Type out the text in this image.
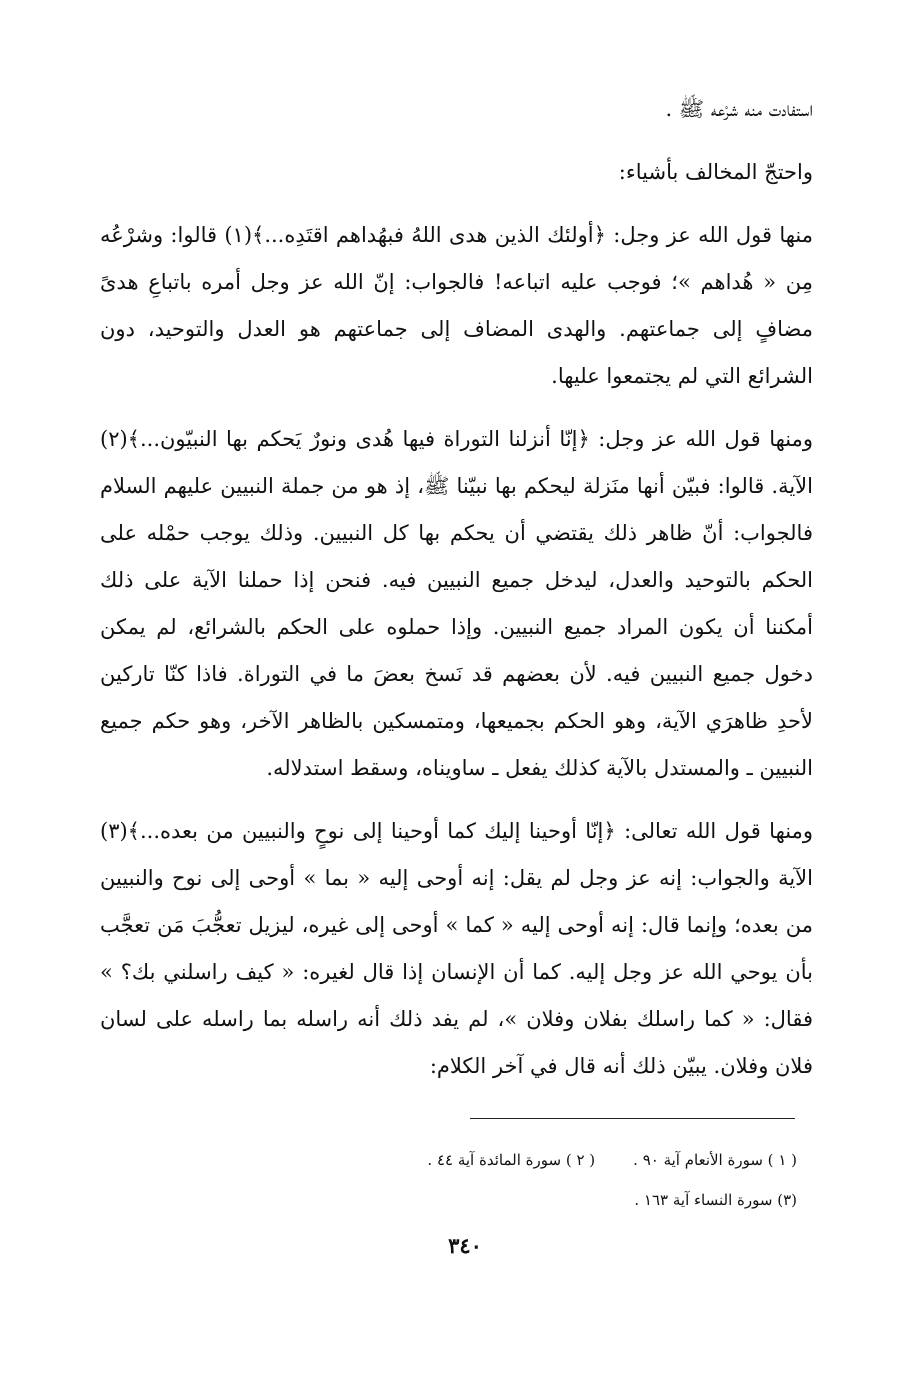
استفادت منه شرْعه ﷺ .

واحتجّ المخالف بأشياء:

منها قول الله عز وجل: ﴿أولئك الذين هدى اللهُ فبهُداهم اقتَدِه...﴾(١) قالوا: وشرْعُه مِن « هُداهم »؛ فوجب عليه اتباعه! فالجواب: إنّ الله عز وجل أمره باتباعِ هدىً مضافٍ إلى جماعتهم. والهدى المضاف إلى جماعتهم هو العدل والتوحيد، دون الشرائع التي لم يجتمعوا عليها.

ومنها قول الله عز وجل: ﴿إنّا أنزلنا التوراة فيها هُدى ونورٌ يَحكم بها النبيّون...﴾(٢) الآية. قالوا: فبيّن أنها منَزلة ليحكم بها نبيّنا ﷺ، إذ هو من جملة النبيين عليهم السلام فالجواب: أنّ ظاهر ذلك يقتضي أن يحكم بها كل النبيين. وذلك يوجب حمْله على الحكم بالتوحيد والعدل، ليدخل جميع النبيين فيه. فنحن إذا حملنا الآية على ذلك أمكننا أن يكون المراد جميع النبيين. وإذا حملوه على الحكم بالشرائع، لم يمكن دخول جميع النبيين فيه. لأن بعضهم قد نَسخ بعضَ ما في التوراة. فاذا كنّا تاركين لأحدِ ظاهرَي الآية، وهو الحكم بجميعها، ومتمسكين بالظاهر الآخر، وهو حكم جميع النبيين ـ والمستدل بالآية كذلك يفعل ـ ساويناه، وسقط استدلاله.

ومنها قول الله تعالى: ﴿إنّا أوحينا إليك كما أوحينا إلى نوحٍ والنبيين من بعده...﴾(٣) الآية والجواب: إنه عز وجل لم يقل: إنه أوحى إليه « بما » أوحى إلى نوح والنبيين من بعده؛ وإنما قال: إنه أوحى إليه « كما » أوحى إلى غيره، ليزيل تعجُّبَ مَن تعجَّب بأن يوحي الله عز وجل إليه. كما أن الإنسان إذا قال لغيره: « كيف راسلني بك؟ » فقال: « كما راسلك بفلان وفلان »، لم يفد ذلك أنه راسله بما راسله على لسان فلان وفلان. يبيّن ذلك أنه قال في آخر الكلام:

( ١ ) سورة الأنعام آية ٩٠ .
( ٢ ) سورة المائدة آية ٤٤ .
(٣) سورة النساء آية ١٦٣ .
٣٤٠
